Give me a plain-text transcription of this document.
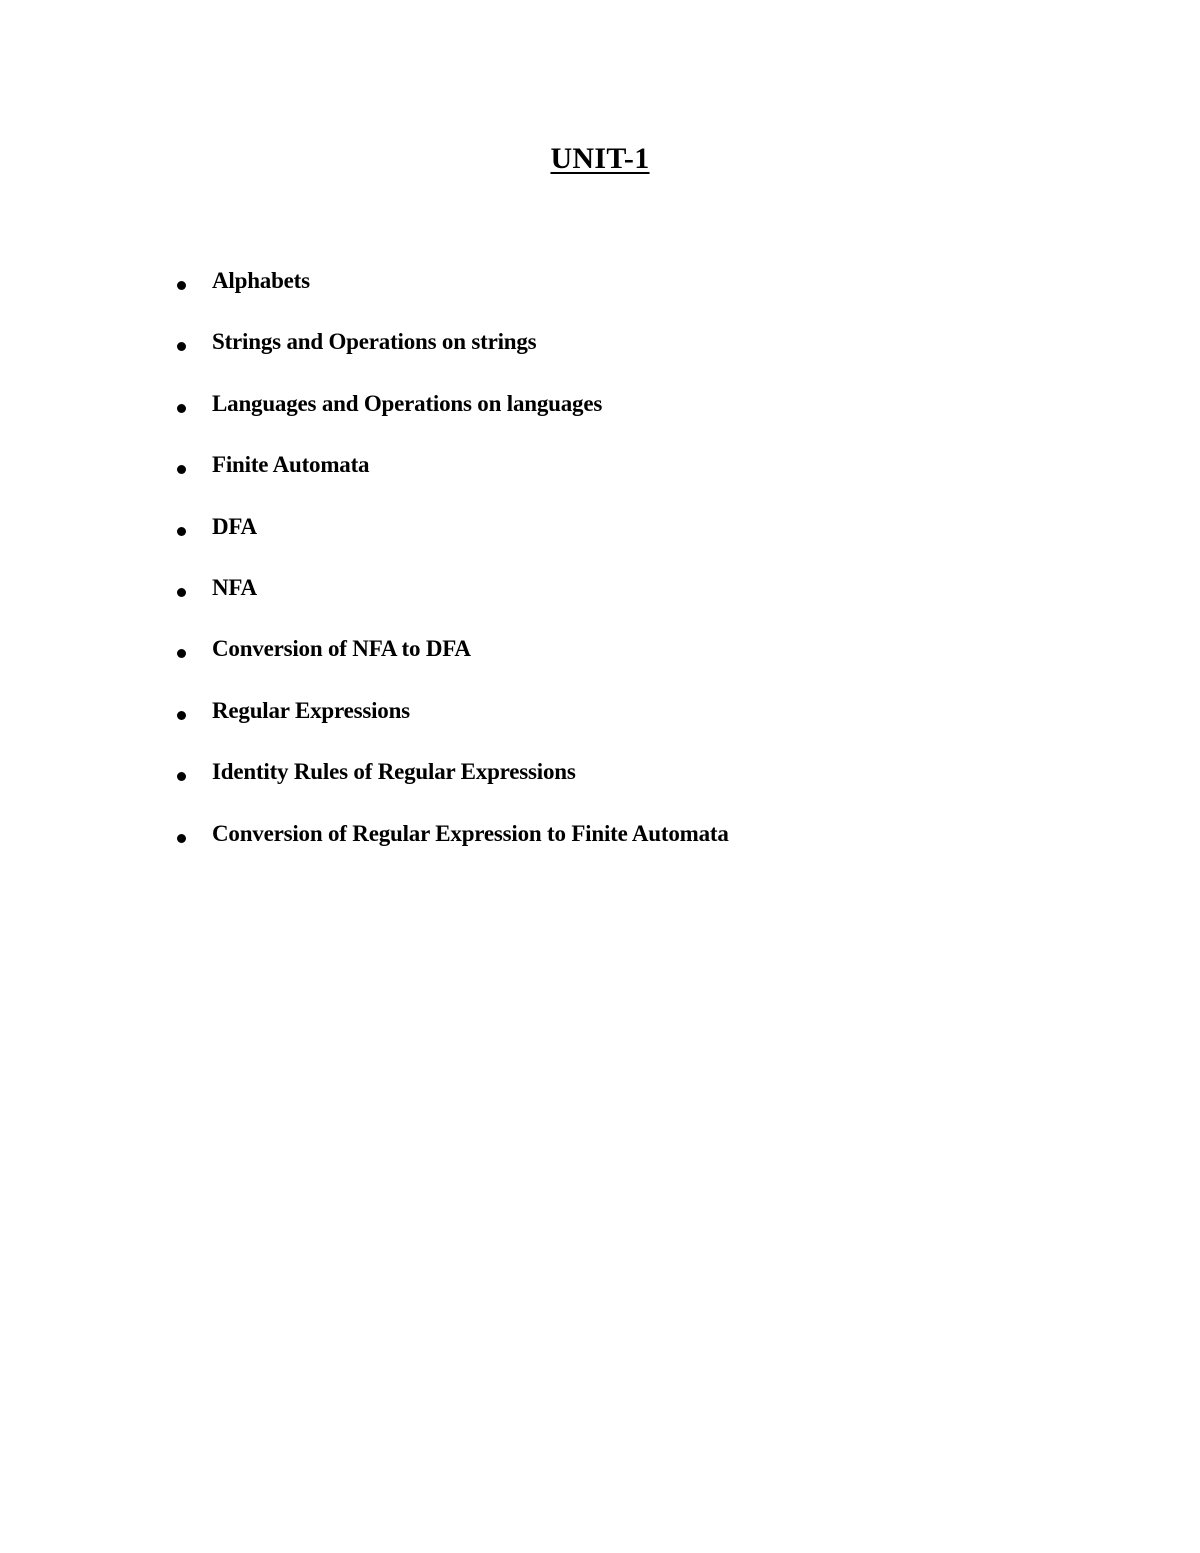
UNIT-1
Alphabets
Strings and Operations on strings
Languages and Operations on languages
Finite Automata
DFA
NFA
Conversion of NFA to DFA
Regular Expressions
Identity Rules of Regular Expressions
Conversion of Regular Expression to Finite Automata
